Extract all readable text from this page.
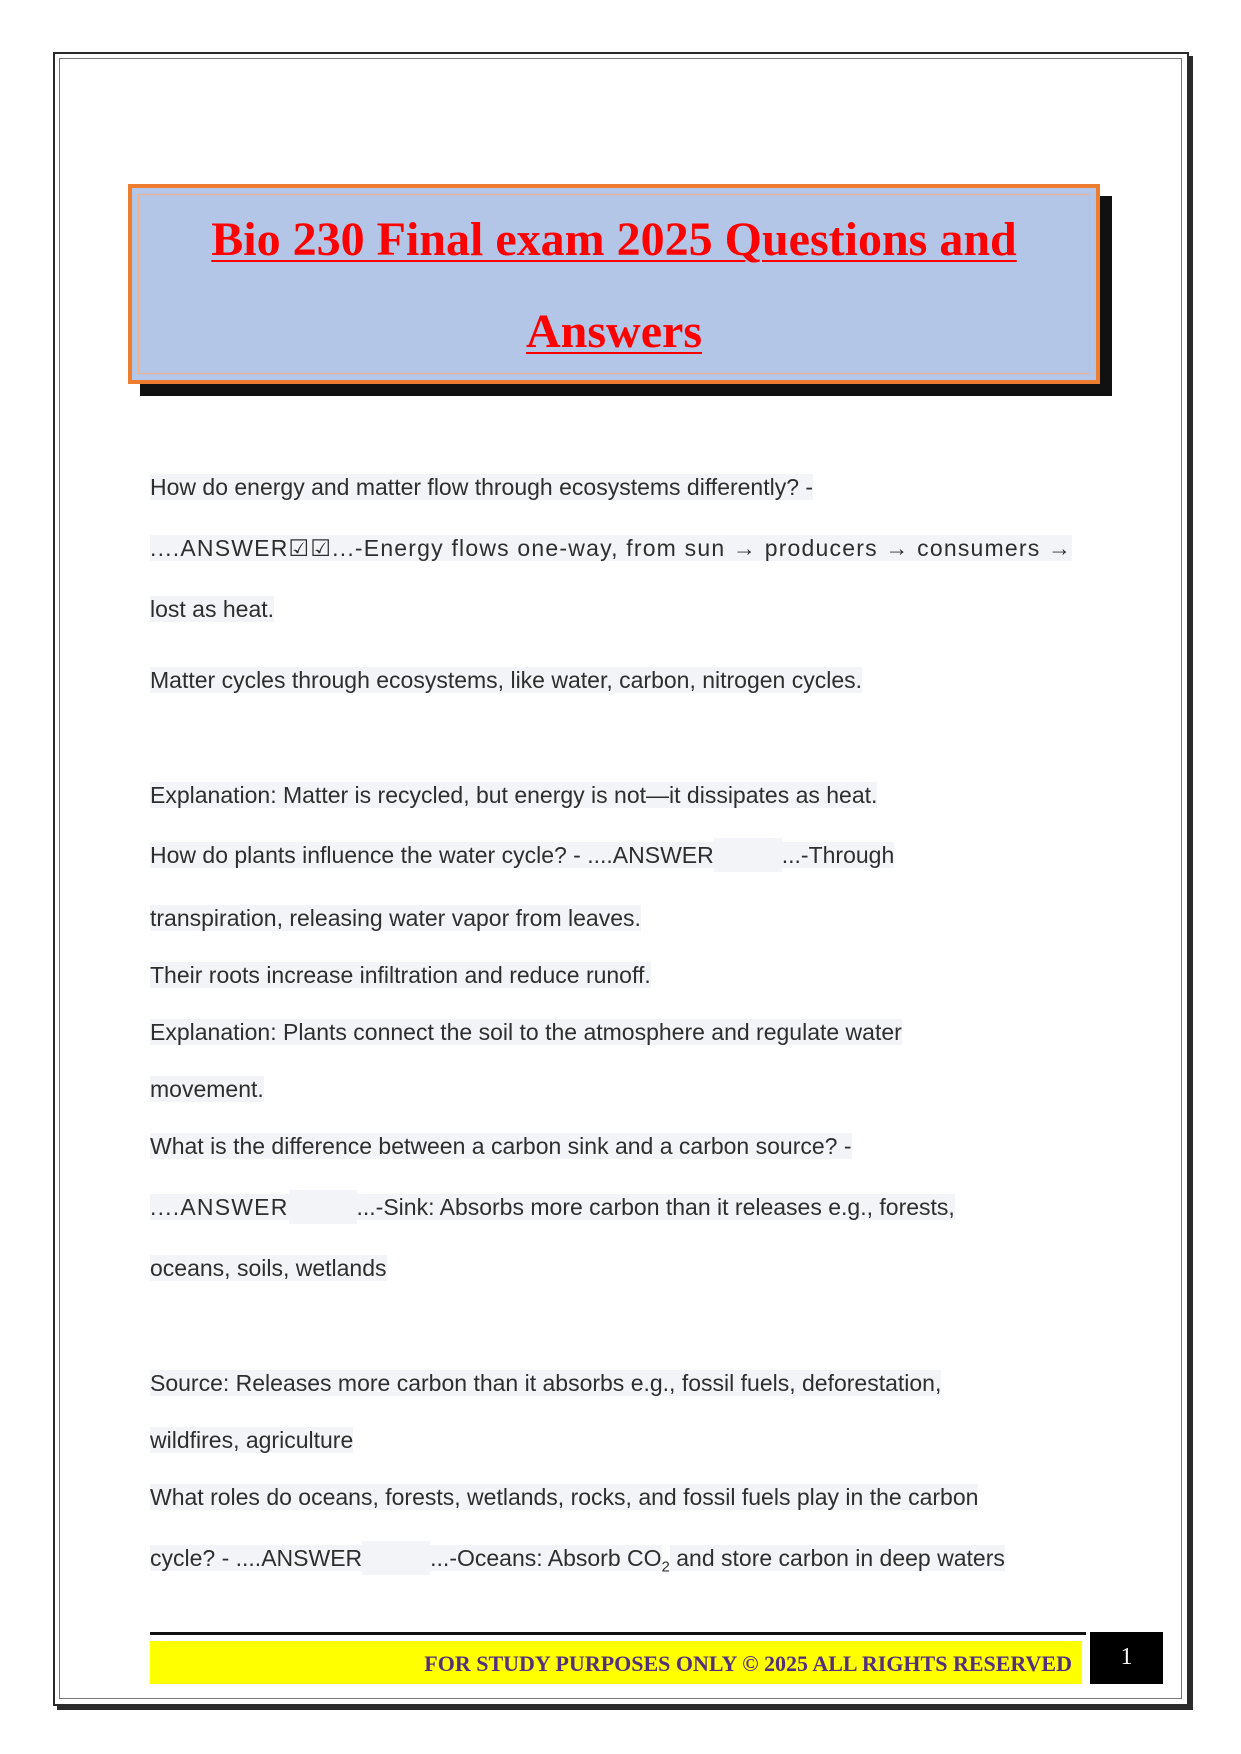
Bio 230 Final exam 2025 Questions and
Answers
How do energy and matter flow through ecosystems differently? -
....ANSWER☑☑...-Energy flows one-way, from sun → producers → consumers →
lost as heat.
Matter cycles through ecosystems, like water, carbon, nitrogen cycles.
Explanation: Matter is recycled, but energy is not—it dissipates as heat.
How do plants influence the water cycle? - ....ANSWER	...-Through
transpiration, releasing water vapor from leaves.
Their roots increase infiltration and reduce runoff.
Explanation: Plants connect the soil to the atmosphere and regulate water
movement.
What is the difference between a carbon sink and a carbon source? -
....ANSWER	...-Sink: Absorbs more carbon than it releases e.g., forests,
oceans, soils, wetlands
Source: Releases more carbon than it absorbs e.g., fossil fuels, deforestation,
wildfires, agriculture
What roles do oceans, forests, wetlands, rocks, and fossil fuels play in the carbon
cycle? - ....ANSWER	...-Oceans: Absorb $CO_2$ and store carbon in deep waters
FOR STUDY PURPOSES ONLY © 2025 ALL RIGHTS RESERVED	1
